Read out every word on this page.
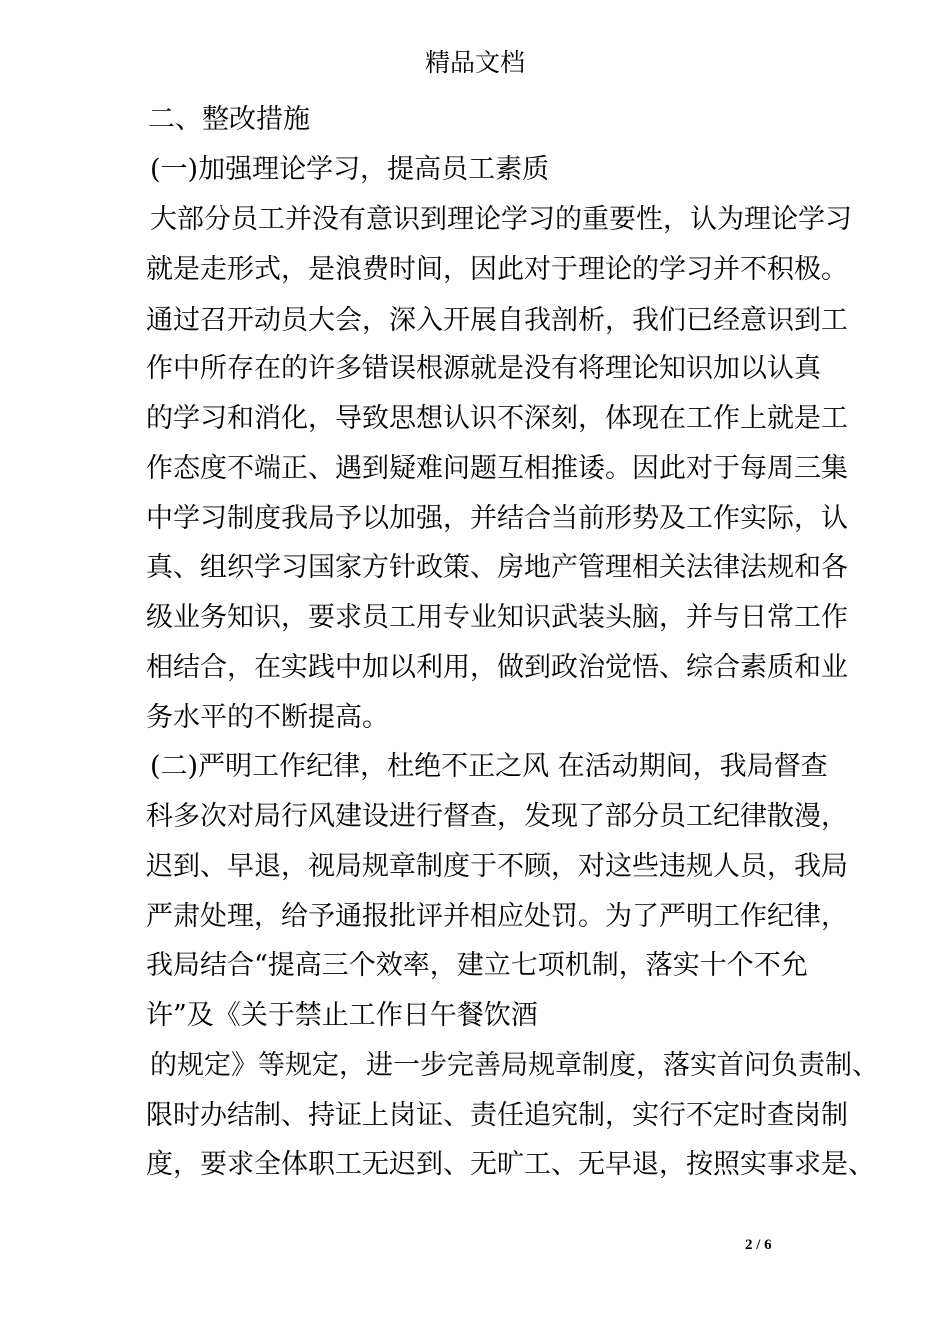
精品文档
二、整改措施
(一)加强理论学习，提高员工素质
大部分员工并没有意识到理论学习的重要性，认为理论学习
就是走形式，是浪费时间，因此对于理论的学习并不积极。
通过召开动员大会，深入开展自我剖析，我们已经意识到工
作中所存在的许多错误根源就是没有将理论知识加以认真
的学习和消化，导致思想认识不深刻，体现在工作上就是工
作态度不端正、遇到疑难问题互相推诿。因此对于每周三集
中学习制度我局予以加强，并结合当前形势及工作实际，认
真、组织学习国家方针政策、房地产管理相关法律法规和各
级业务知识，要求员工用专业知识武装头脑，并与日常工作
相结合，在实践中加以利用，做到政治觉悟、综合素质和业
务水平的不断提高。
(二)严明工作纪律，杜绝不正之风 在活动期间，我局督查
科多次对局行风建设进行督查，发现了部分员工纪律散漫，
迟到、早退，视局规章制度于不顾，对这些违规人员，我局
严肃处理，给予通报批评并相应处罚。为了严明工作纪律，
我局结合“提高三个效率，建立七项机制，落实十个不允
许”及《关于禁止工作日午餐饮酒
的规定》等规定，进一步完善局规章制度，落实首问负责制、
限时办结制、持证上岗证、责任追究制，实行不定时查岗制
度，要求全体职工无迟到、无旷工、无早退，按照实事求是、
2 / 6
